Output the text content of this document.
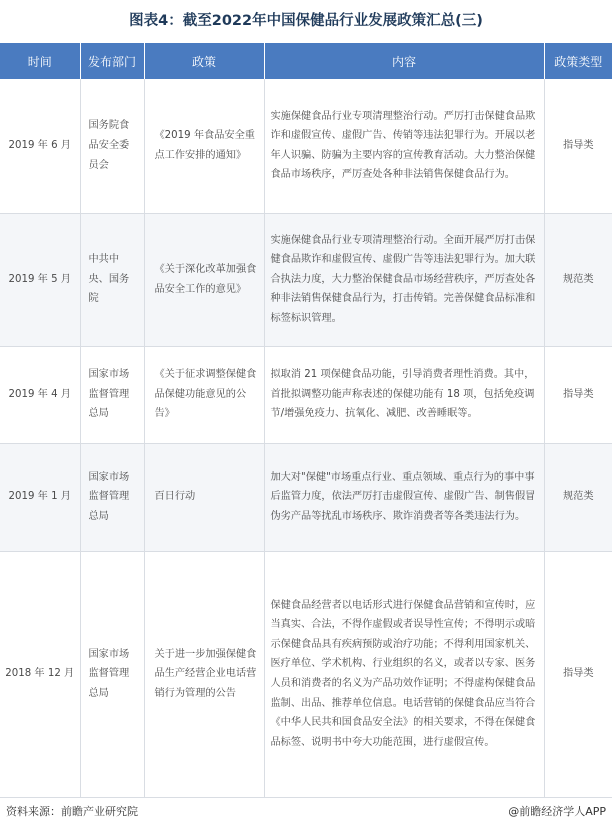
图表4：截至2022年中国保健品行业发展政策汇总(三)
时间	发布部门	政策	内容	政策类型
2019 年 6 月	国务院食品安全委员会	《2019 年食品安全重点工作安排的通知》	实施保健食品行业专项清理整治行动。严厉打击保健食品欺诈和虚假宣传、虚假广告、传销等违法犯罪行为。开展以老年人识骗、防骗为主要内容的宣传教育活动。大力整治保健食品市场秩序，严厉查处各种非法销售保健食品行为。	指导类
2019 年 5 月	中共中央、国务院	《关于深化改革加强食品安全工作的意见》	实施保健食品行业专项清理整治行动。全面开展严厉打击保健食品欺诈和虚假宣传、虚假广告等违法犯罪行为。加大联合执法力度，大力整治保健食品市场经营秩序，严厉查处各种非法销售保健食品行为，打击传销。完善保健食品标准和标签标识管理。	规范类
2019 年 4 月	国家市场监督管理总局	《关于征求调整保健食品保健功能意见的公告》	拟取消 21 项保健食品功能，引导消费者理性消费。其中，首批拟调整功能声称表述的保健功能有 18 项，包括免疫调节/增强免疫力、抗氧化、减肥、改善睡眠等。	指导类
2019 年 1 月	国家市场监督管理总局	百日行动	加大对"保健"市场重点行业、重点领域、重点行为的事中事后监管力度，依法严厉打击虚假宣传、虚假广告、制售假冒伪劣产品等扰乱市场秩序、欺诈消费者等各类违法行为。	规范类
2018 年 12 月	国家市场监督管理总局	关于进一步加强保健食品生产经营企业电话营销行为管理的公告	保健食品经营者以电话形式进行保健食品营销和宣传时，应当真实、合法，不得作虚假或者误导性宣传；不得明示或暗示保健食品具有疾病预防或治疗功能；不得利用国家机关、医疗单位、学术机构、行业组织的名义，或者以专家、医务人员和消费者的名义为产品功效作证明；不得虚构保健食品监制、出品、推荐单位信息。电话营销的保健食品应当符合《中华人民共和国食品安全法》的相关要求，不得在保健食品标签、说明书中夸大功能范围，进行虚假宣传。	指导类
资料来源：前瞻产业研究院	@前瞻经济学人APP
